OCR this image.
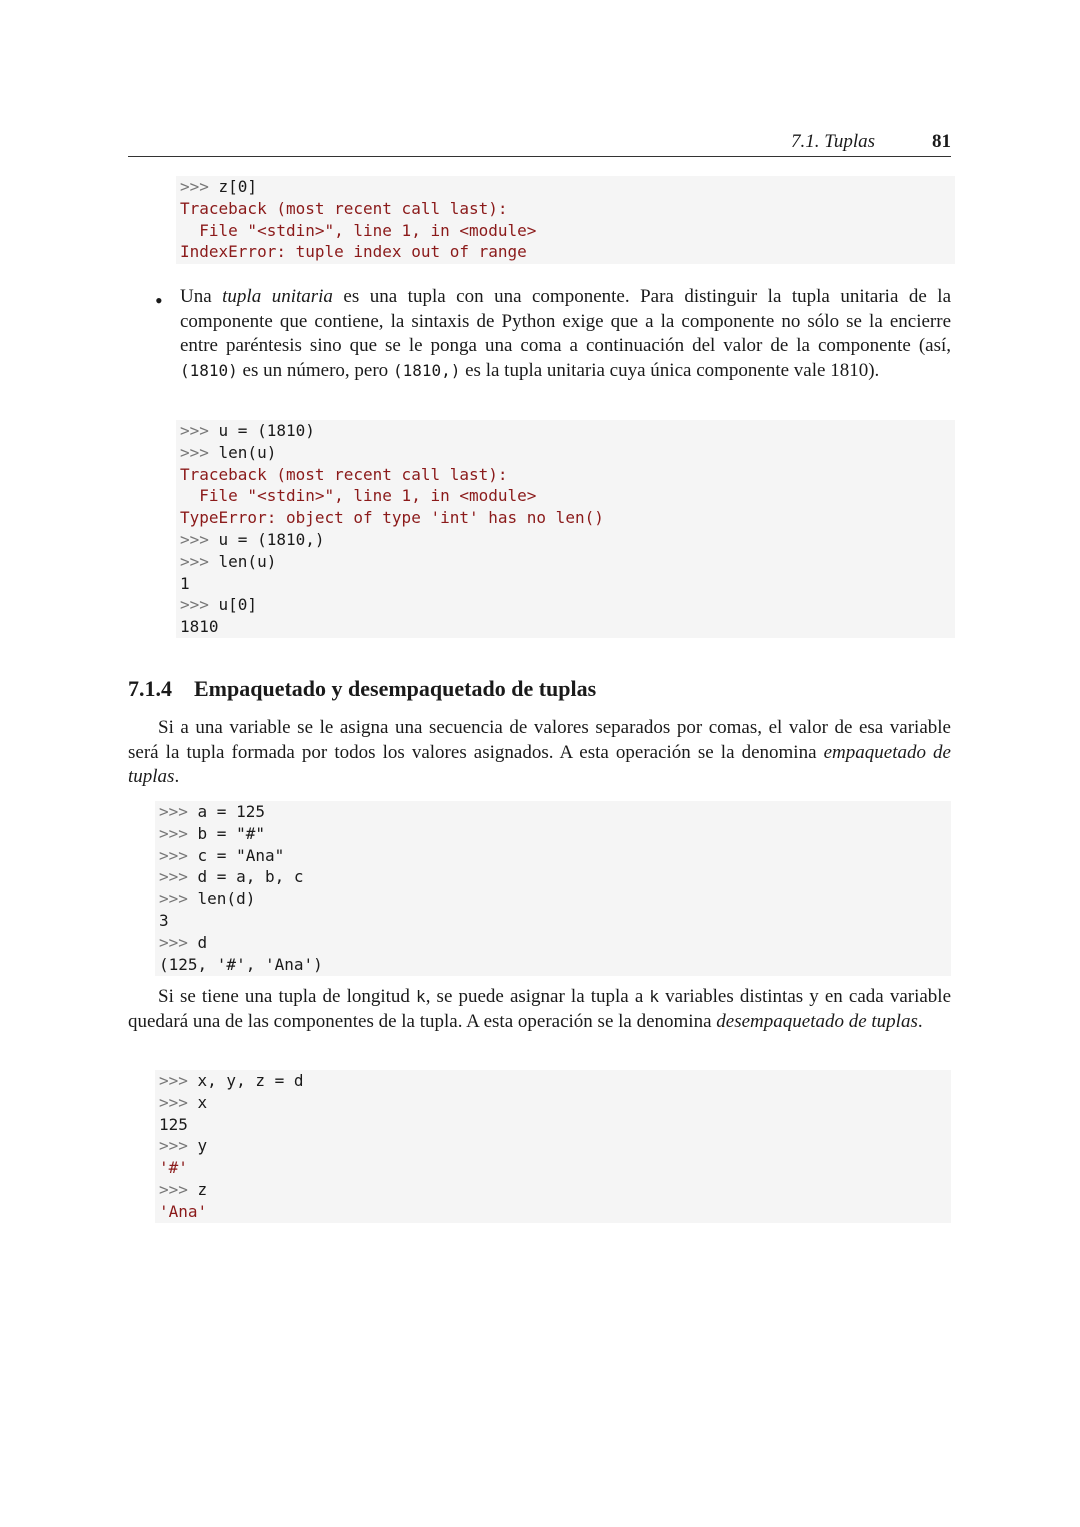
7.1. Tuplas	81
>>> z[0]
Traceback (most recent call last):
File "<stdin>", line 1, in <module>
IndexError: tuple index out of range
• Una tupla unitaria es una tupla con una componente. Para distinguir la tupla unitaria de la componente que contiene, la sintaxis de Python exige que a la componente no sólo se la encierre entre paréntesis sino que se le ponga una coma a continuación del valor de la componente (así, (1810) es un número, pero (1810,) es la tupla unitaria cuya única componente vale 1810).
>>> u = (1810)
>>> len(u)
Traceback (most recent call last):
File "<stdin>", line 1, in <module>
TypeError: object of type 'int' has no len()
>>> u = (1810,)
>>> len(u)
1
>>> u[0]
1810
7.1.4 Empaquetado y desempaquetado de tuplas
Si a una variable se le asigna una secuencia de valores separados por comas, el valor de esa variable será la tupla formada por todos los valores asignados. A esta operación se la denomina empaquetado de tuplas.
>>> a = 125
>>> b = "#"
>>> c = "Ana"
>>> d = a, b, c
>>> len(d)
3
>>> d
(125, '#', 'Ana')
Si se tiene una tupla de longitud k, se puede asignar la tupla a k variables distintas y en cada variable quedará una de las componentes de la tupla. A esta operación se la denomina desempaquetado de tuplas.
>>> x, y, z = d
>>> x
125
>>> y
'#'
>>> z
'Ana'
